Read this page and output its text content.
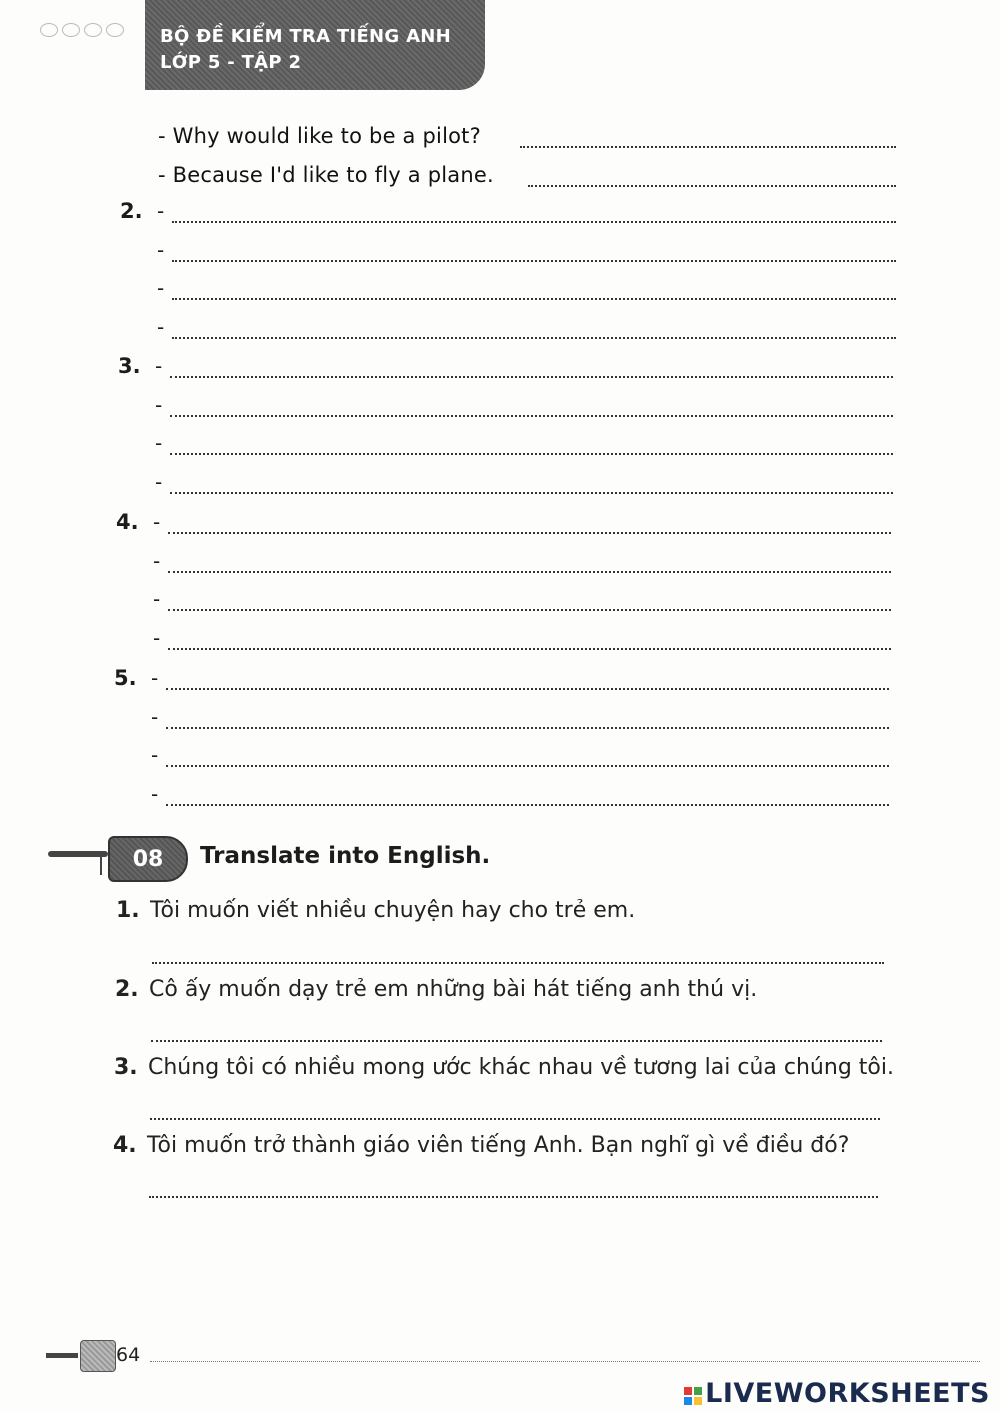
BỘ ĐỀ KIỂM TRA TIẾNG ANH
LỚP 5 - TẬP 2
- Why would like to be a pilot?
- Because I'd like to fly a plane.
2. -
-
-
-
3. -
-
-
-
4. -
-
-
-
5. -
-
-
-
08	Translate into English.
1. Tôi muốn viết nhiều chuyện hay cho trẻ em.
2. Cô ấy muốn dạy trẻ em những bài hát tiếng anh thú vị.
3. Chúng tôi có nhiều mong ước khác nhau về tương lai của chúng tôi.
4. Tôi muốn trở thành giáo viên tiếng Anh. Bạn nghĩ gì về điều đó?
64

LIVEWORKSHEETS
